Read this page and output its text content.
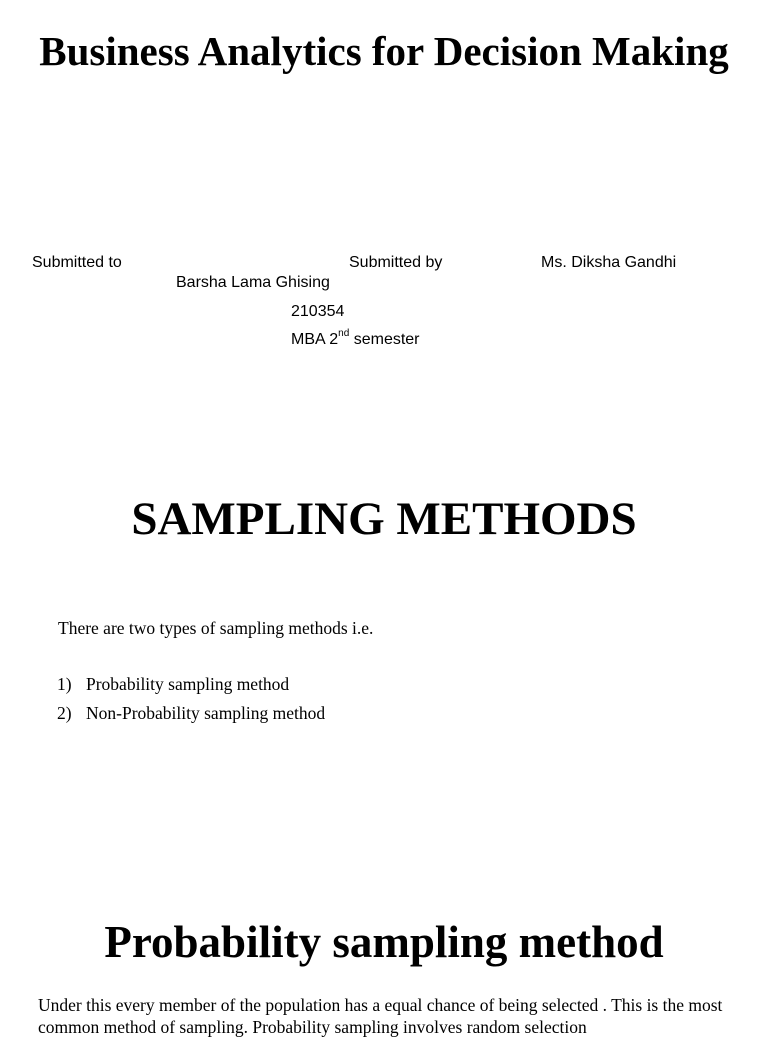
Business Analytics for Decision Making
Submitted to	Submitted by	Ms. Diksha Gandhi
Barsha Lama Ghising
210354
MBA 2nd semester
SAMPLING METHODS
There are two types of sampling methods i.e.
1) Probability sampling method
2) Non-Probability sampling method
Probability sampling method
Under this every member of the population has a equal chance of being selected . This is the most common method of sampling. Probability sampling involves random selection
